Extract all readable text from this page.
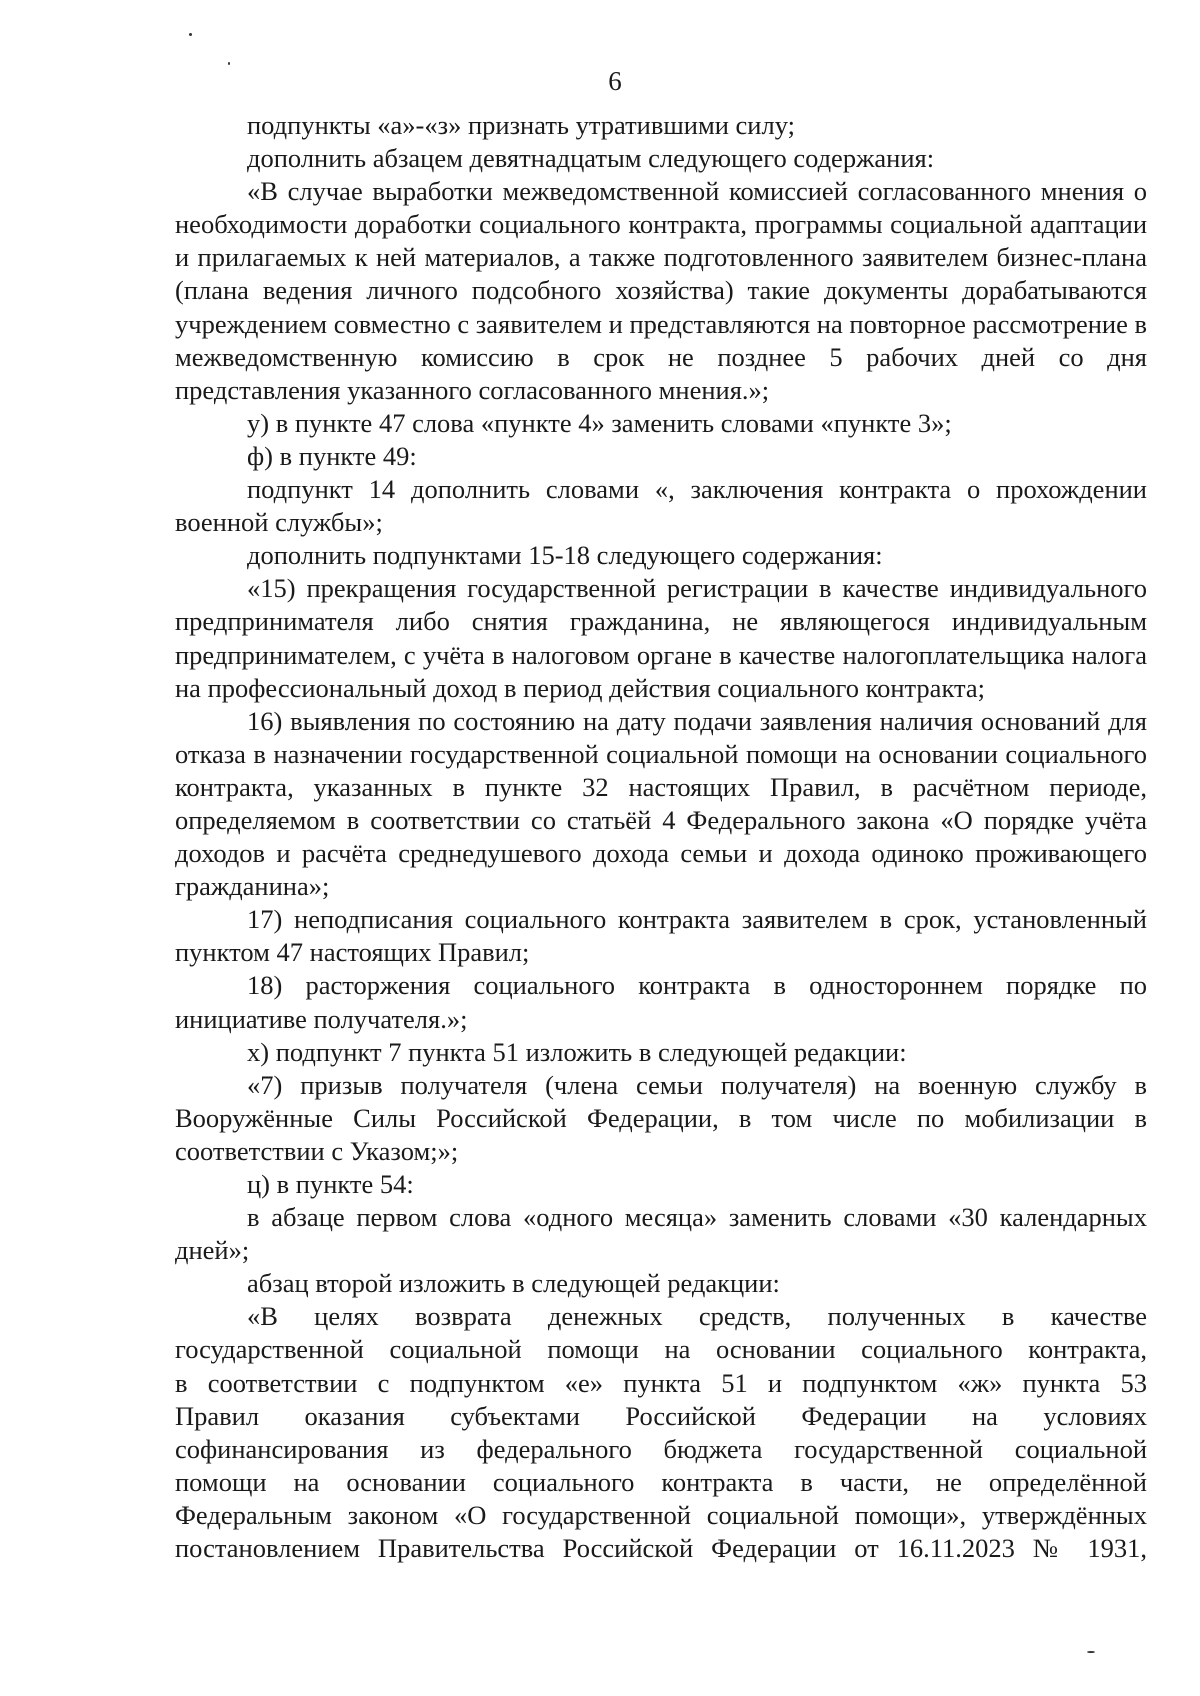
6

подпункты «а»-«з» признать утратившими силу;

дополнить абзацем девятнадцатым следующего содержания:

«В случае выработки межведомственной комиссией согласованного мнения о необходимости доработки социального контракта, программы социальной адаптации и прилагаемых к ней материалов, а также подготовленного заявителем бизнес-плана (плана ведения личного подсобного хозяйства) такие документы дорабатываются учреждением совместно с заявителем и представляются на повторное рассмотрение в межведомственную комиссию в срок не позднее 5 рабочих дней со дня представления указанного согласованного мнения.»;

у) в пункте 47 слова «пункте 4» заменить словами «пункте 3»;

ф) в пункте 49:

подпункт 14 дополнить словами «, заключения контракта о прохождении военной службы»;

дополнить подпунктами 15-18 следующего содержания:

«15) прекращения государственной регистрации в качестве индивидуального предпринимателя либо снятия гражданина, не являющегося индивидуальным предпринимателем, с учёта в налоговом органе в качестве налогоплательщика налога на профессиональный доход в период действия социального контракта;

16) выявления по состоянию на дату подачи заявления наличия оснований для отказа в назначении государственной социальной помощи на основании социального контракта, указанных в пункте 32 настоящих Правил, в расчётном периоде, определяемом в соответствии со статьёй 4 Федерального закона «О порядке учёта доходов и расчёта среднедушевого дохода семьи и дохода одиноко проживающего гражданина»;

17) неподписания социального контракта заявителем в срок, установленный пунктом 47 настоящих Правил;

18) расторжения социального контракта в одностороннем порядке по инициативе получателя.»;

х) подпункт 7 пункта 51 изложить в следующей редакции:

«7) призыв получателя (члена семьи получателя) на военную службу в Вооружённые Силы Российской Федерации, в том числе по мобилизации в соответствии с Указом;»;

ц) в пункте 54:

в абзаце первом слова «одного месяца» заменить словами «30 календарных дней»;

абзац второй изложить в следующей редакции:

«В целях возврата денежных средств, полученных в качестве
государственной социальной помощи на основании социального контракта,
в соответствии с подпунктом «е» пункта 51 и подпунктом «ж» пункта 53
Правил оказания субъектами Российской Федерации на условиях
софинансирования из федерального бюджета государственной социальной
помощи на основании социального контракта в части, не определённой
Федеральным законом «О государственной социальной помощи», утверждённых
постановлением Правительства Российской Федерации от 16.11.2023 № 1931,
